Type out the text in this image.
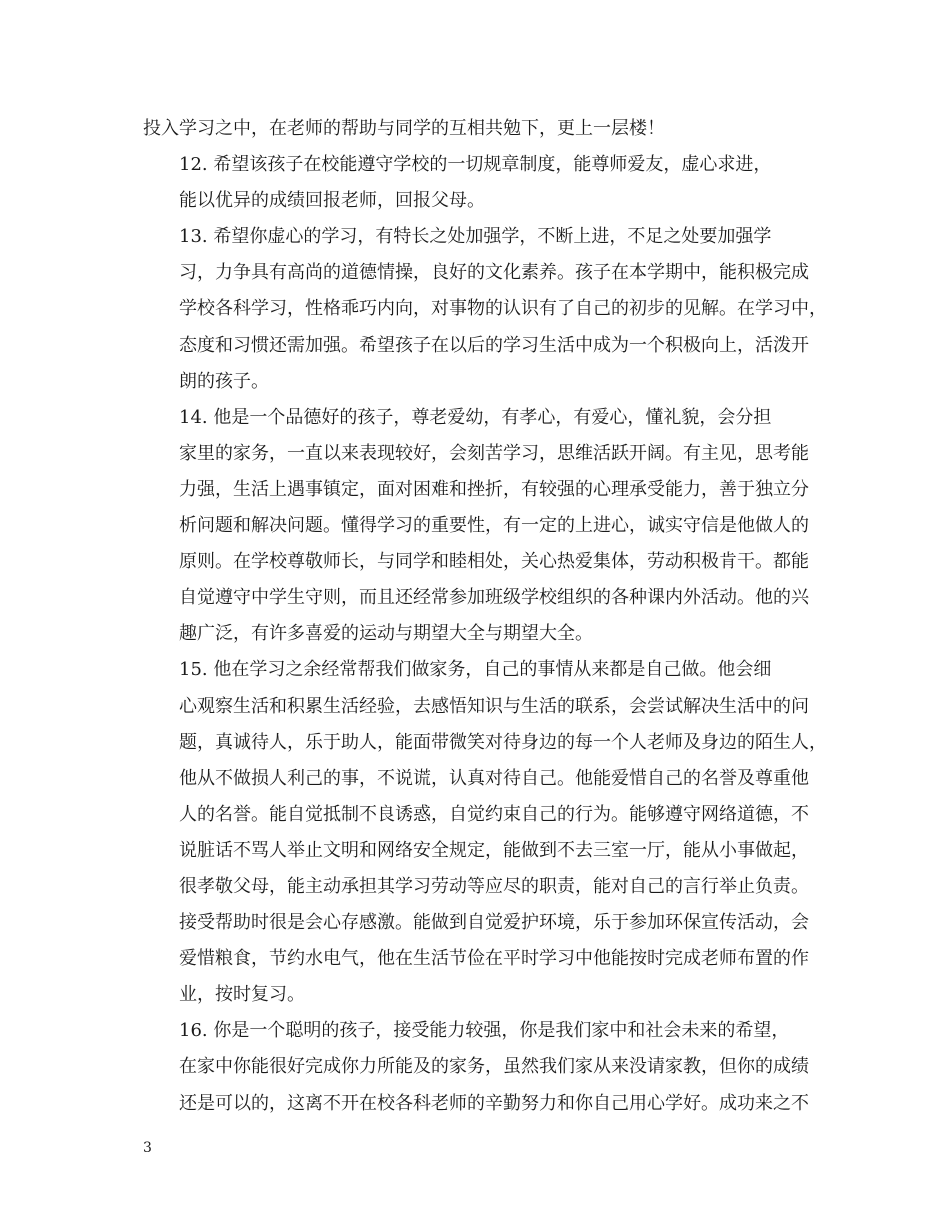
投入学习之中，在老师的帮助与同学的互相共勉下，更上一层楼！

12. 希望该孩子在校能遵守学校的一切规章制度，能尊师爱友，虚心求进，
能以优异的成绩回报老师，回报父母。

13. 希望你虚心的学习，有特长之处加强学，不断上进，不足之处要加强学
习，力争具有高尚的道德情操，良好的文化素养。孩子在本学期中，能积极完成
学校各科学习，性格乖巧内向，对事物的认识有了自己的初步的见解。在学习中，
态度和习惯还需加强。希望孩子在以后的学习生活中成为一个积极向上，活泼开
朗的孩子。

14. 他是一个品德好的孩子，尊老爱幼，有孝心，有爱心，懂礼貌，会分担
家里的家务，一直以来表现较好，会刻苦学习，思维活跃开阔。有主见，思考能
力强，生活上遇事镇定，面对困难和挫折，有较强的心理承受能力，善于独立分
析问题和解决问题。懂得学习的重要性，有一定的上进心，诚实守信是他做人的
原则。在学校尊敬师长，与同学和睦相处，关心热爱集体，劳动积极肯干。都能
自觉遵守中学生守则，而且还经常参加班级学校组织的各种课内外活动。他的兴
趣广泛，有许多喜爱的运动与期望大全与期望大全。

15. 他在学习之余经常帮我们做家务，自己的事情从来都是自己做。他会细
心观察生活和积累生活经验，去感悟知识与生活的联系，会尝试解决生活中的问
题，真诚待人，乐于助人，能面带微笑对待身边的每一个人老师及身边的陌生人，
他从不做损人利己的事，不说谎，认真对待自己。他能爱惜自己的名誉及尊重他
人的名誉。能自觉抵制不良诱惑，自觉约束自己的行为。能够遵守网络道德，不
说脏话不骂人举止文明和网络安全规定，能做到不去三室一厅，能从小事做起，
很孝敬父母，能主动承担其学习劳动等应尽的职责，能对自己的言行举止负责。
接受帮助时很是会心存感激。能做到自觉爱护环境，乐于参加环保宣传活动，会
爱惜粮食，节约水电气，他在生活节俭在平时学习中他能按时完成老师布置的作
业，按时复习。

16. 你是一个聪明的孩子，接受能力较强，你是我们家中和社会未来的希望，
在家中你能很好完成你力所能及的家务，虽然我们家从来没请家教，但你的成绩
还是可以的，这离不开在校各科老师的辛勤努力和你自己用心学好。成功来之不

3
